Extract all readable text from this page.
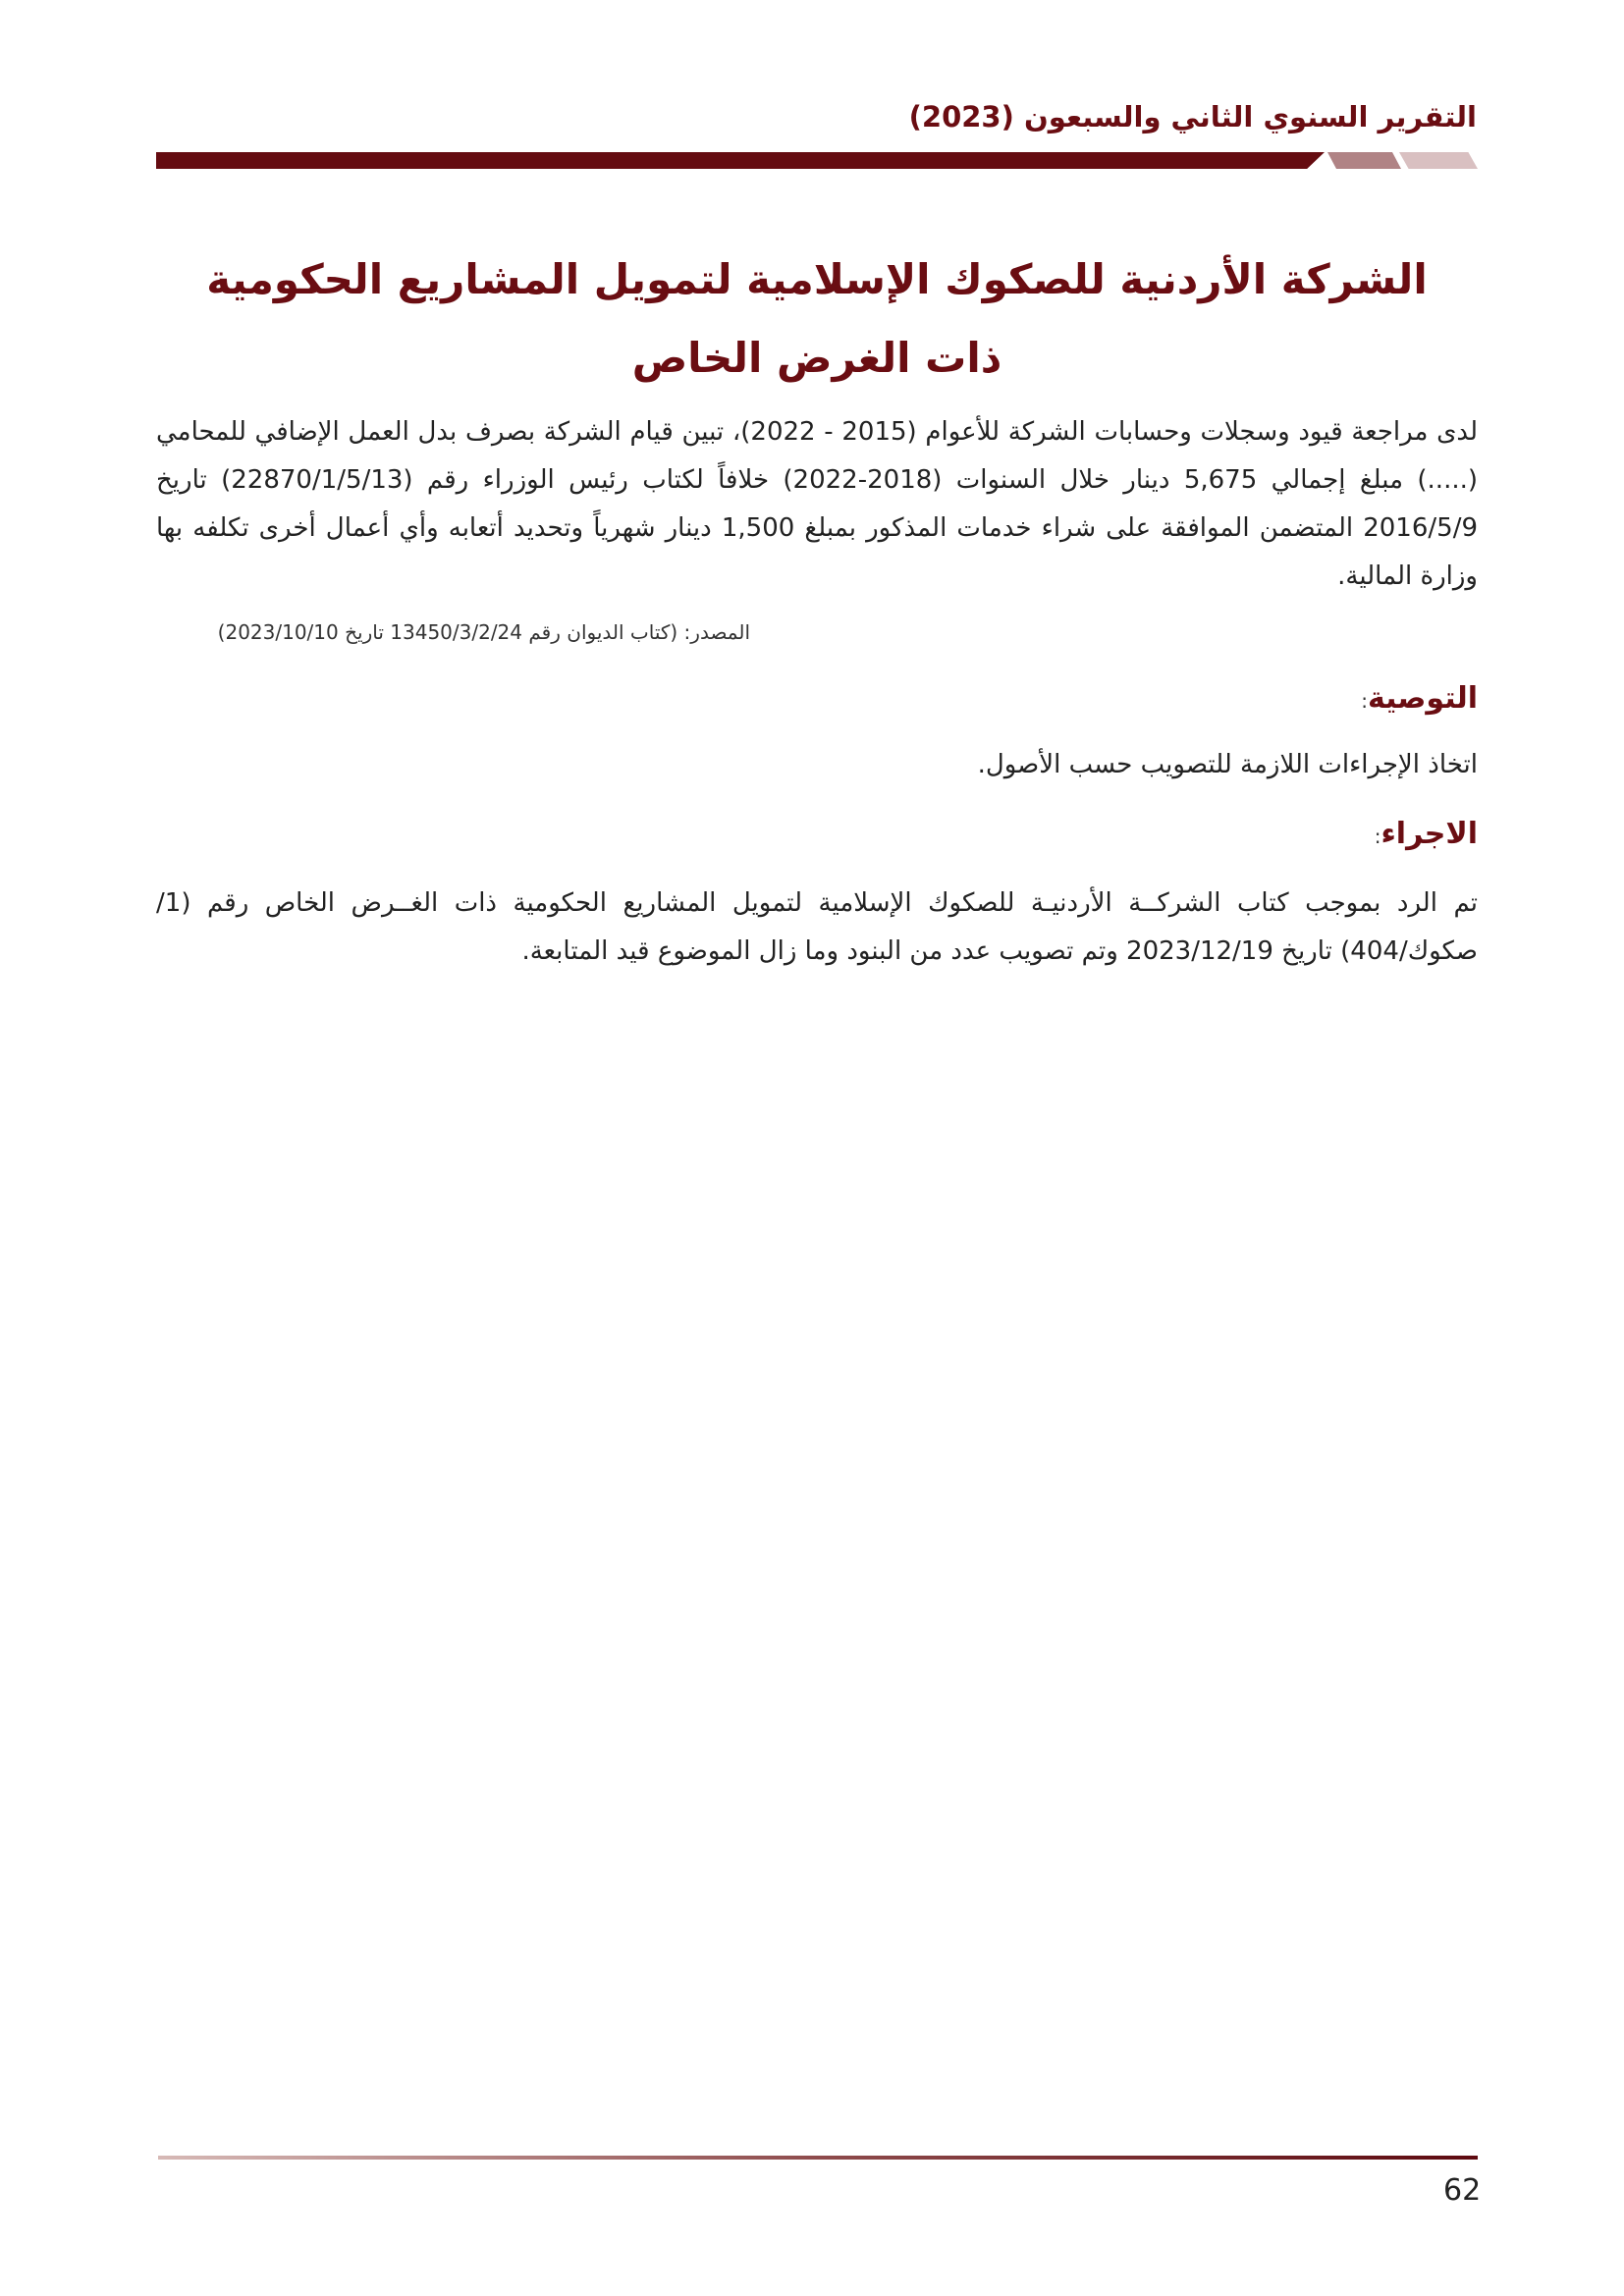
التقرير السنوي الثاني والسبعون (2023)
الشركة الأردنية للصكوك الإسلامية لتمويل المشاريع الحكومية
ذات الغرض الخاص
لدى مراجعة قيود وسجلات وحسابات الشركة للأعوام (2015 - 2022)، تبين قيام الشركة بصرف بدل العمل الإضافي للمحامي (.....) مبلغ إجمالي 5,675 دينار خلال السنوات (2018-2022) خلافاً لكتاب رئيس الوزراء رقم (22870/1/5/13) تاريخ 2016/5/9 المتضمن الموافقة على شراء خدمات المذكور بمبلغ 1,500 دينار شهرياً وتحديد أتعابه وأي أعمال أخرى تكلفه بها وزارة المالية.
المصدر: (كتاب الديوان رقم 13450/3/2/24 تاريخ 2023/10/10)
التوصية:
اتخاذ الإجراءات اللازمة للتصويب حسب الأصول.
الاجراء:
تم الرد بموجب كتاب الشركــة الأردنيـة للصكوك الإسلامية لتمويل المشاريع الحكومية ذات الغــرض الخاص رقم (1/صكوك/404) تاريخ 2023/12/19 وتم تصويب عدد من البنود وما زال الموضوع قيد المتابعة.
62
